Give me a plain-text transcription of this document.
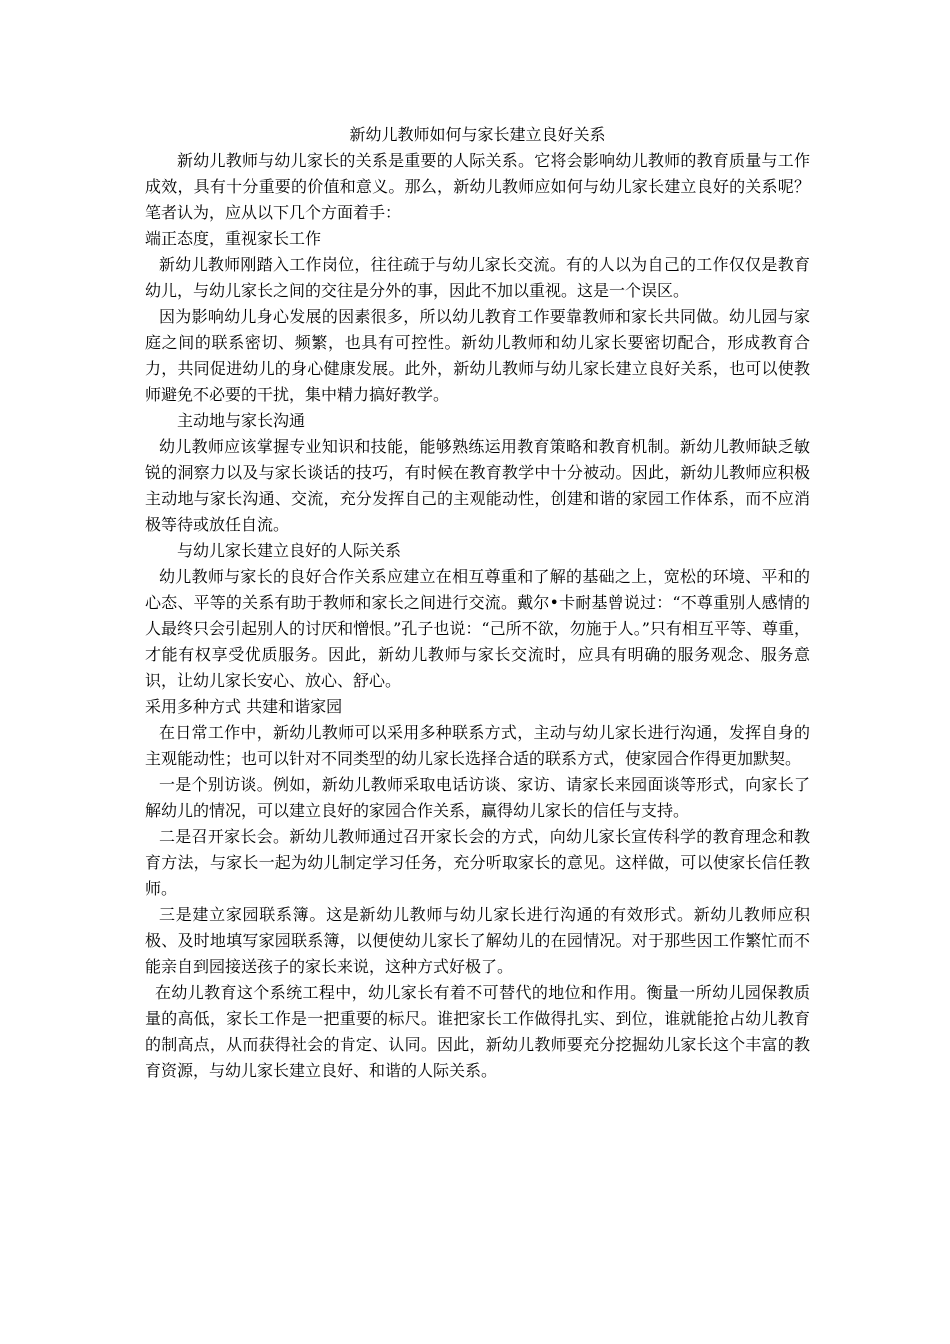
新幼儿教师如何与家长建立良好关系

新幼儿教师与幼儿家长的关系是重要的人际关系。它将会影响幼儿教师的教育质量与工作成效，具有十分重要的价值和意义。那么，新幼儿教师应如何与幼儿家长建立良好的关系呢？笔者认为，应从以下几个方面着手：

端正态度，重视家长工作

新幼儿教师刚踏入工作岗位，往往疏于与幼儿家长交流。有的人以为自己的工作仅仅是教育幼儿，与幼儿家长之间的交往是分外的事，因此不加以重视。这是一个误区。

因为影响幼儿身心发展的因素很多，所以幼儿教育工作要靠教师和家长共同做。幼儿园与家庭之间的联系密切、频繁，也具有可控性。新幼儿教师和幼儿家长要密切配合，形成教育合力，共同促进幼儿的身心健康发展。此外，新幼儿教师与幼儿家长建立良好关系，也可以使教师避免不必要的干扰，集中精力搞好教学。

主动地与家长沟通

幼儿教师应该掌握专业知识和技能，能够熟练运用教育策略和教育机制。新幼儿教师缺乏敏锐的洞察力以及与家长谈话的技巧，有时候在教育教学中十分被动。因此，新幼儿教师应积极主动地与家长沟通、交流，充分发挥自己的主观能动性，创建和谐的家园工作体系，而不应消极等待或放任自流。

与幼儿家长建立良好的人际关系

幼儿教师与家长的良好合作关系应建立在相互尊重和了解的基础之上，宽松的环境、平和的心态、平等的关系有助于教师和家长之间进行交流。戴尔•卡耐基曾说过：“不尊重别人感情的人最终只会引起别人的讨厌和憎恨。”孔子也说：“己所不欲，勿施于人。”只有相互平等、尊重，才能有权享受优质服务。因此，新幼儿教师与家长交流时，应具有明确的服务观念、服务意识，让幼儿家长安心、放心、舒心。

采用多种方式 共建和谐家园

在日常工作中，新幼儿教师可以采用多种联系方式，主动与幼儿家长进行沟通，发挥自身的主观能动性；也可以针对不同类型的幼儿家长选择合适的联系方式，使家园合作得更加默契。

一是个别访谈。例如，新幼儿教师采取电话访谈、家访、请家长来园面谈等形式，向家长了解幼儿的情况，可以建立良好的家园合作关系，赢得幼儿家长的信任与支持。

二是召开家长会。新幼儿教师通过召开家长会的方式，向幼儿家长宣传科学的教育理念和教育方法，与家长一起为幼儿制定学习任务，充分听取家长的意见。这样做，可以使家长信任教师。

三是建立家园联系簿。这是新幼儿教师与幼儿家长进行沟通的有效形式。新幼儿教师应积极、及时地填写家园联系簿，以便使幼儿家长了解幼儿的在园情况。对于那些因工作繁忙而不能亲自到园接送孩子的家长来说，这种方式好极了。

在幼儿教育这个系统工程中，幼儿家长有着不可替代的地位和作用。衡量一所幼儿园保教质量的高低，家长工作是一把重要的标尺。谁把家长工作做得扎实、到位，谁就能抢占幼儿教育的制高点，从而获得社会的肯定、认同。因此，新幼儿教师要充分挖掘幼儿家长这个丰富的教育资源，与幼儿家长建立良好、和谐的人际关系。
